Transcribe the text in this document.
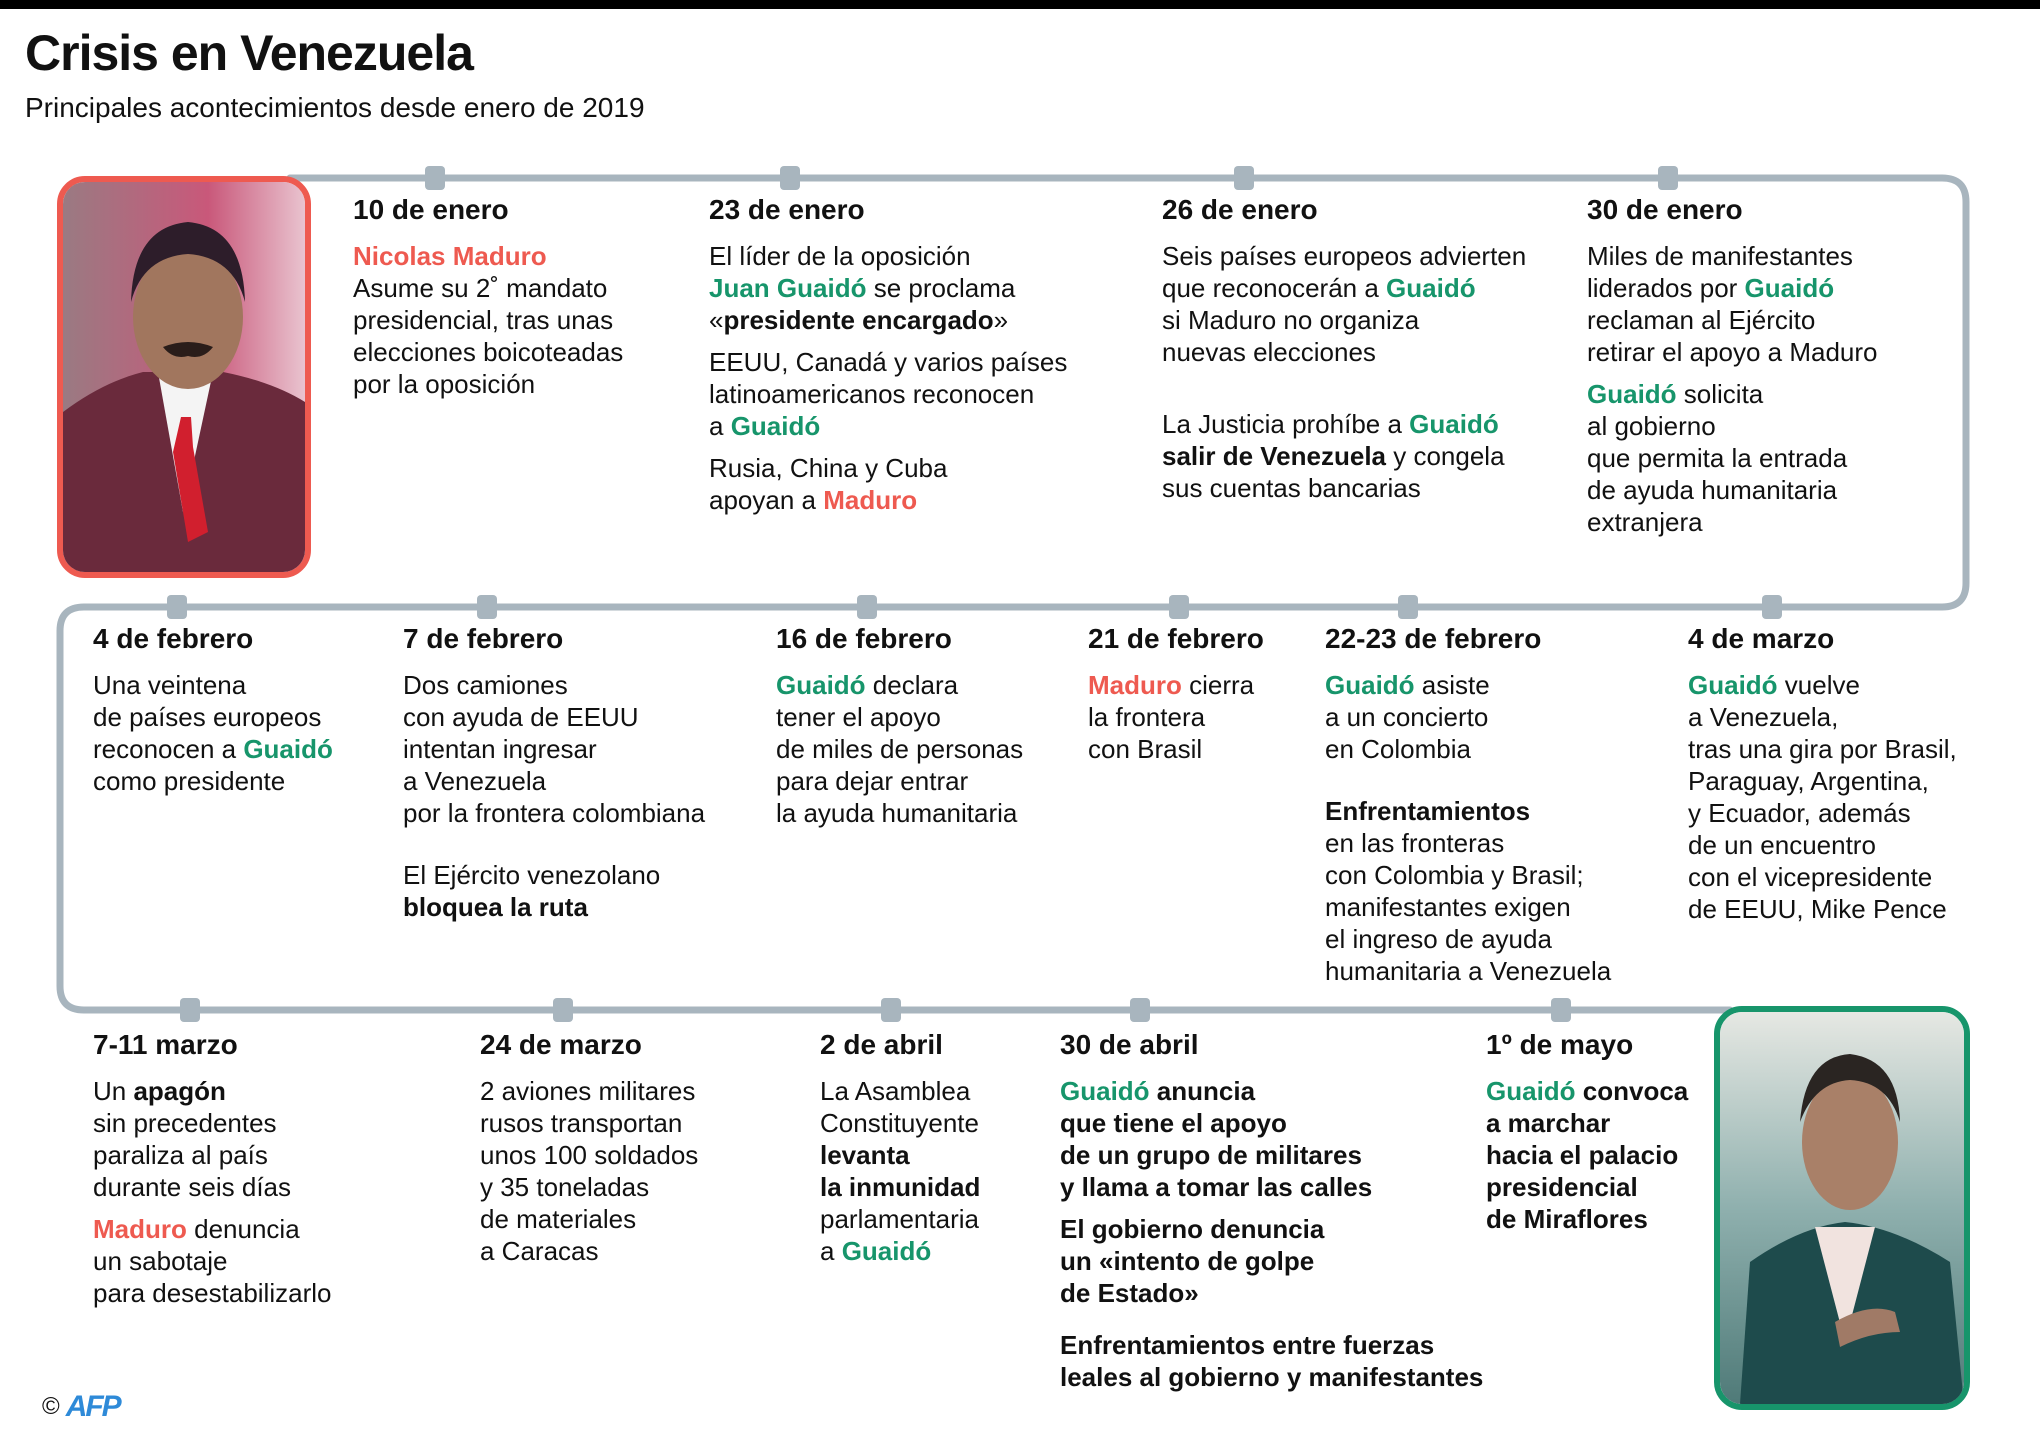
Crisis en Venezuela
Principales acontecimientos desde enero de 2019
10 de enero

Nicolas Maduro
Asume su 2˚ mandato
presidencial, tras unas
elecciones boicoteadas
por la oposición

23 de enero

El líder de la oposición
Juan Guaidó se proclama
«presidente encargado»

EEUU, Canadá y varios países
latinoamericanos reconocen
a Guaidó

Rusia, China y Cuba
apoyan a Maduro

26 de enero

Seis países europeos advierten
que reconocerán a Guaidó
si Maduro no organiza
nuevas elecciones

La Justicia prohíbe a Guaidó
salir de Venezuela y congela
sus cuentas bancarias

30 de enero

Miles de manifestantes
liderados por Guaidó
reclaman al Ejército
retirar el apoyo a Maduro

Guaidó solicita
al gobierno
que permita la entrada
de ayuda humanitaria
extranjera

4 de febrero

Una veintena
de países europeos
reconocen a Guaidó
como presidente

7 de febrero

Dos camiones
con ayuda de EEUU
intentan ingresar
a Venezuela
por la frontera colombiana

El Ejército venezolano
bloquea la ruta

16 de febrero

Guaidó declara
tener el apoyo
de miles de personas
para dejar entrar
la ayuda humanitaria

21 de febrero

Maduro cierra
la frontera
con Brasil

22-23 de febrero

Guaidó asiste
a un concierto
en Colombia

Enfrentamientos
en las fronteras
con Colombia y Brasil;
manifestantes exigen
el ingreso de ayuda
humanitaria a Venezuela

4 de marzo

Guaidó vuelve
a Venezuela,
tras una gira por Brasil,
Paraguay, Argentina,
y Ecuador, además
de un encuentro
con el vicepresidente
de EEUU, Mike Pence

7-11 marzo

Un apagón
sin precedentes
paraliza al país
durante seis días

Maduro denuncia
un sabotaje
para desestabilizarlo

24 de marzo

2 aviones militares
rusos transportan
unos 100 soldados
y 35 toneladas
de materiales
a Caracas

2 de abril

La Asamblea
Constituyente
levanta
la inmunidad
parlamentaria
a Guaidó

30 de abril

Guaidó anuncia
que tiene el apoyo
de un grupo de militares
y llama a tomar las calles

El gobierno denuncia
un «intento de golpe
de Estado»

Enfrentamientos entre fuerzas
leales al gobierno y manifestantes

1º de mayo

Guaidó convoca
a marchar
hacia el palacio
presidencial
de Miraflores

© AFP
